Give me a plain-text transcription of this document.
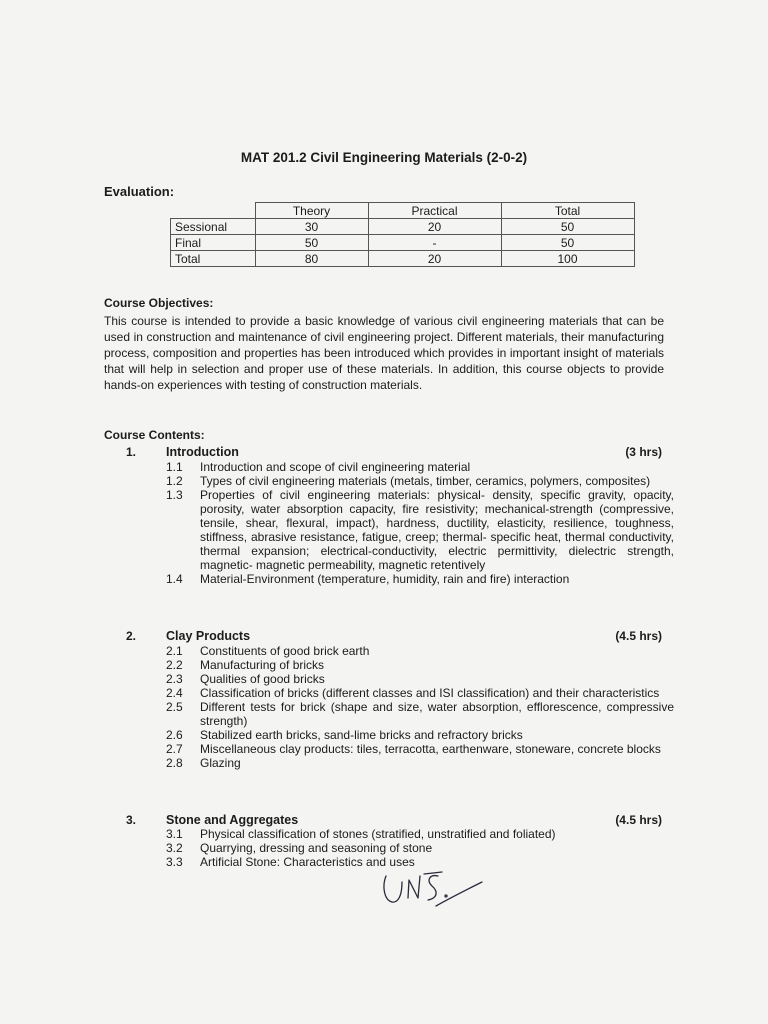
MAT 201.2 Civil Engineering Materials (2-0-2)
Evaluation:
	Theory	Practical	Total
Sessional	30	20	50
Final	50	-	50
Total	80	20	100
Course Objectives:
This course is intended to provide a basic knowledge of various civil engineering materials that can be used in construction and maintenance of civil engineering project. Different materials, their manufacturing process, composition and properties has been introduced which provides in important insight of materials that will help in selection and proper use of these materials. In addition, this course objects to provide hands-on experiences with testing of construction materials.
Course Contents:
1. Introduction	(3 hrs)
1.1	Introduction and scope of civil engineering material
1.2	Types of civil engineering materials (metals, timber, ceramics, polymers, composites)
1.3	Properties of civil engineering materials: physical- density, specific gravity, opacity, porosity, water absorption capacity, fire resistivity; mechanical-strength (compressive, tensile, shear, flexural, impact), hardness, ductility, elasticity, resilience, toughness, stiffness, abrasive resistance, fatigue, creep; thermal- specific heat, thermal conductivity, thermal expansion; electrical-conductivity, electric permittivity, dielectric strength, magnetic- magnetic permeability, magnetic retentively
1.4	Material-Environment (temperature, humidity, rain and fire) interaction
2. Clay Products	(4.5 hrs)
2.1	Constituents of good brick earth
2.2	Manufacturing of bricks
2.3	Qualities of good bricks
2.4	Classification of bricks (different classes and ISI classification) and their characteristics
2.5	Different tests for brick (shape and size, water absorption, efflorescence, compressive strength)
2.6	Stabilized earth bricks, sand-lime bricks and refractory bricks
2.7	Miscellaneous clay products: tiles, terracotta, earthenware, stoneware, concrete blocks
2.8	Glazing
3. Stone and Aggregates	(4.5 hrs)
3.1	Physical classification of stones (stratified, unstratified and foliated)
3.2	Quarrying, dressing and seasoning of stone
3.3	Artificial Stone: Characteristics and uses
